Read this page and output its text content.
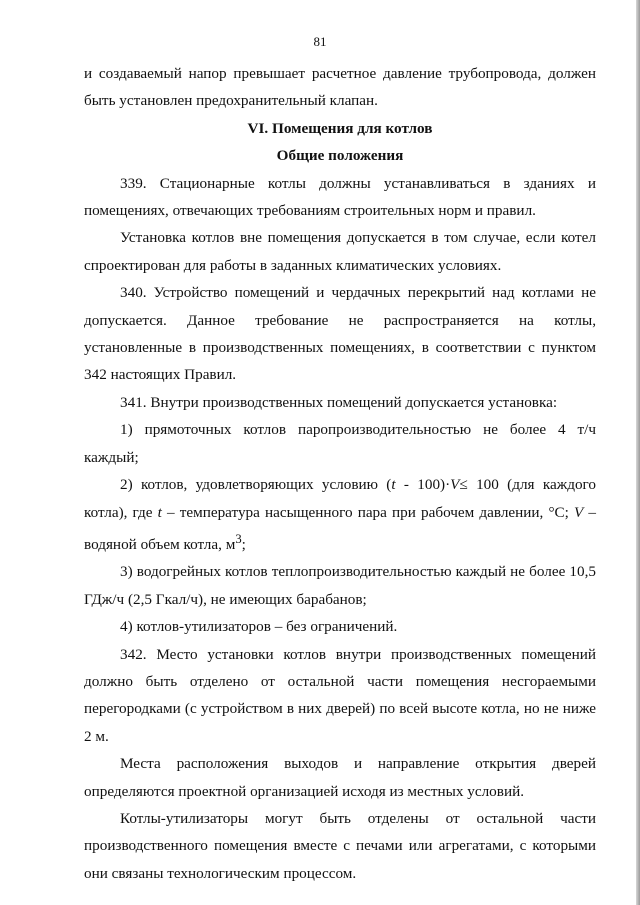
81

и создаваемый напор превышает расчетное давление трубопровода, должен быть установлен предохранительный клапан.

VI. Помещения для котлов

Общие положения

339. Стационарные котлы должны устанавливаться в зданиях и помещениях, отвечающих требованиям строительных норм и правил.

Установка котлов вне помещения допускается в том случае, если котел спроектирован для работы в заданных климатических условиях.

340. Устройство помещений и чердачных перекрытий над котлами не допускается. Данное требование не распространяется на котлы, установленные в производственных помещениях, в соответствии с пунктом 342 настоящих Правил.

341. Внутри производственных помещений допускается установка:

1) прямоточных котлов паропроизводительностью не более 4 т/ч каждый;

2) котлов, удовлетворяющих условию (t - 100)·V≤ 100 (для каждого котла), где t – температура насыщенного пара при рабочем давлении, °С; V – водяной объем котла, $м^3$;

3) водогрейных котлов теплопроизводительностью каждый не более 10,5 ГДж/ч (2,5 Гкал/ч), не имеющих барабанов;

4) котлов-утилизаторов – без ограничений.

342. Место установки котлов внутри производственных помещений должно быть отделено от остальной части помещения несгораемыми перегородками (с устройством в них дверей) по всей высоте котла, но не ниже 2 м.

Места расположения выходов и направление открытия дверей определяются проектной организацией исходя из местных условий.

Котлы-утилизаторы могут быть отделены от остальной части производственного помещения вместе с печами или агрегатами, с которыми они связаны технологическим процессом.
